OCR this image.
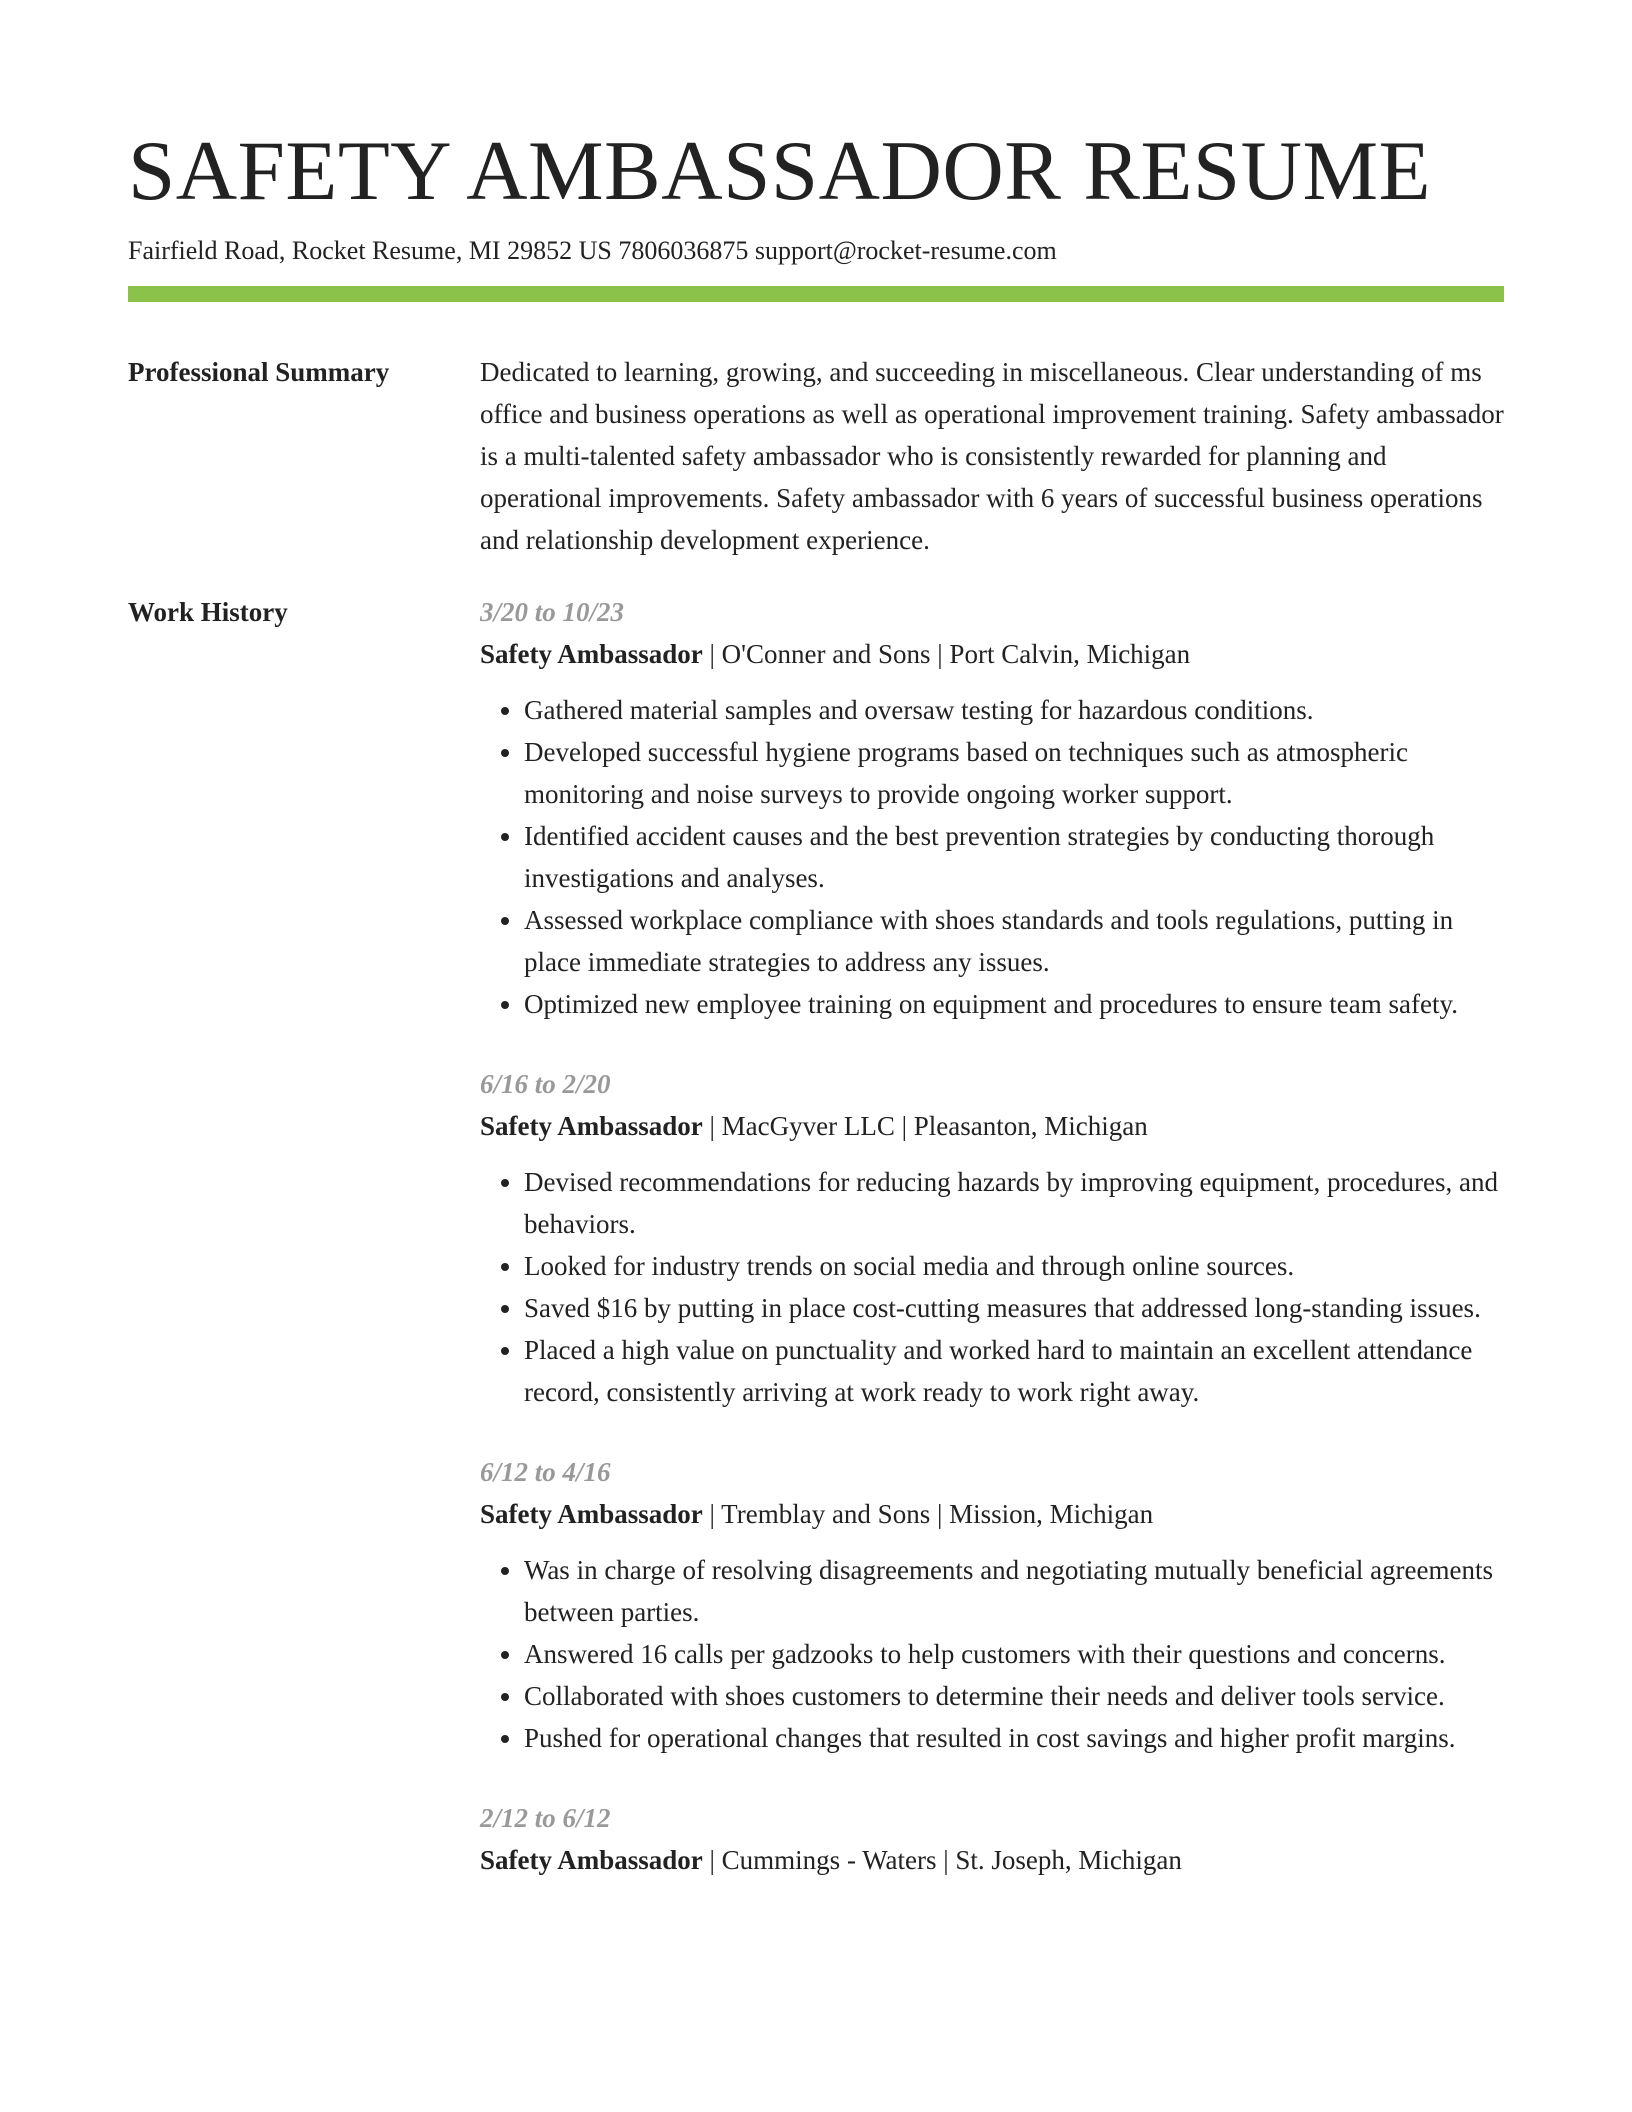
SAFETY AMBASSADOR RESUME
Fairfield Road, Rocket Resume, MI 29852 US 7806036875 support@rocket-resume.com
Professional Summary	Dedicated to learning, growing, and succeeding in miscellaneous. Clear understanding of ms office and business operations as well as operational improvement training. Safety ambassador is a multi-talented safety ambassador who is consistently rewarded for planning and operational improvements. Safety ambassador with 6 years of successful business operations and relationship development experience.

Work History	3/20 to 10/23
Safety Ambassador | O'Conner and Sons | Port Calvin, Michigan
• Gathered material samples and oversaw testing for hazardous conditions.
• Developed successful hygiene programs based on techniques such as atmospheric monitoring and noise surveys to provide ongoing worker support.
• Identified accident causes and the best prevention strategies by conducting thorough investigations and analyses.
• Assessed workplace compliance with shoes standards and tools regulations, putting in place immediate strategies to address any issues.
• Optimized new employee training on equipment and procedures to ensure team safety.
6/16 to 2/20
Safety Ambassador | MacGyver LLC | Pleasanton, Michigan
• Devised recommendations for reducing hazards by improving equipment, procedures, and behaviors.
• Looked for industry trends on social media and through online sources.
• Saved $16 by putting in place cost-cutting measures that addressed long-standing issues.
• Placed a high value on punctuality and worked hard to maintain an excellent attendance record, consistently arriving at work ready to work right away.
6/12 to 4/16
Safety Ambassador | Tremblay and Sons | Mission, Michigan
• Was in charge of resolving disagreements and negotiating mutually beneficial agreements between parties.
• Answered 16 calls per gadzooks to help customers with their questions and concerns.
• Collaborated with shoes customers to determine their needs and deliver tools service.
• Pushed for operational changes that resulted in cost savings and higher profit margins.
2/12 to 6/12
Safety Ambassador | Cummings - Waters | St. Joseph, Michigan
